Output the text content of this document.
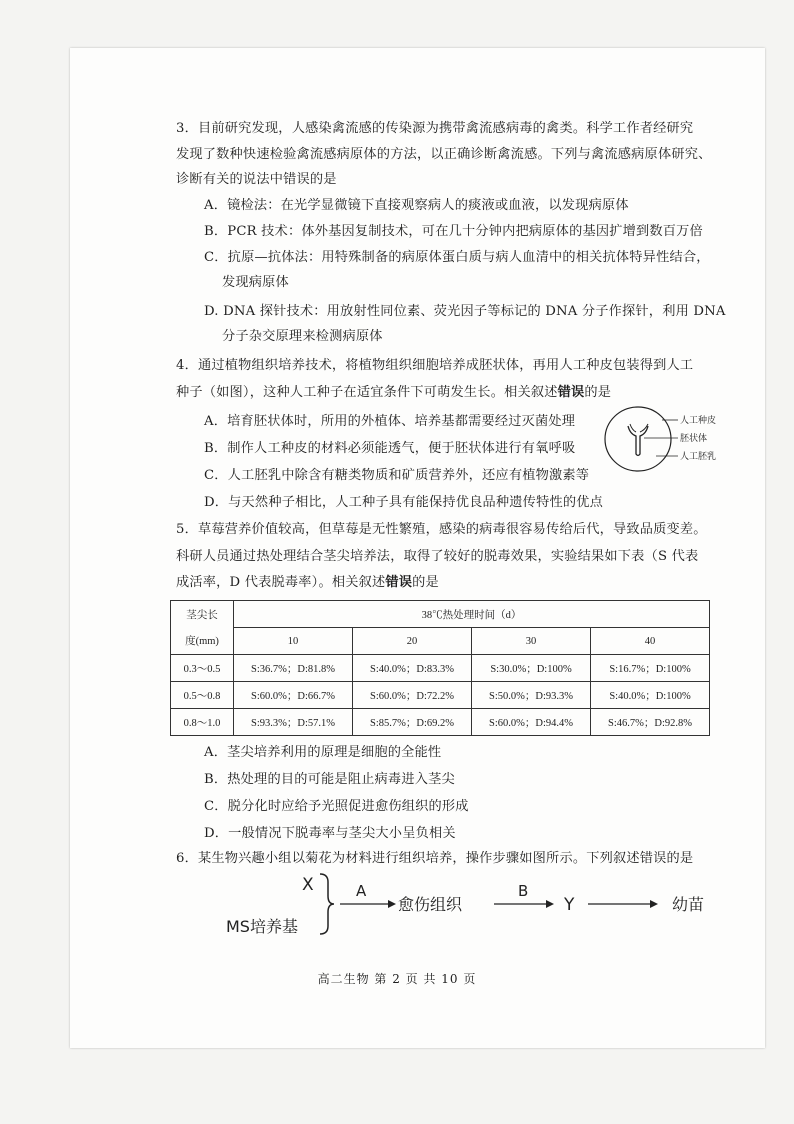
3．目前研究发现，人感染禽流感的传染源为携带禽流感病毒的禽类。科学工作者经研究
发现了数种快速检验禽流感病原体的方法，以正确诊断禽流感。下列与禽流感病原体研究、
诊断有关的说法中错误的是
A．镜检法：在光学显微镜下直接观察病人的痰液或血液，以发现病原体
B．PCR 技术：体外基因复制技术，可在几十分钟内把病原体的基因扩增到数百万倍
C．抗原—抗体法：用特殊制备的病原体蛋白质与病人血清中的相关抗体特异性结合，
发现病原体
D. DNA 探针技术：用放射性同位素、荧光因子等标记的 DNA 分子作探针，利用 DNA
分子杂交原理来检测病原体
4．通过植物组织培养技术，将植物组织细胞培养成胚状体，再用人工种皮包装得到人工
种子（如图），这种人工种子在适宜条件下可萌发生长。相关叙述错误的是
A．培育胚状体时，所用的外植体、培养基都需要经过灭菌处理
B．制作人工种皮的材料必须能透气，便于胚状体进行有氧呼吸
C．人工胚乳中除含有糖类物质和矿质营养外，还应有植物激素等
D．与天然种子相比，人工种子具有能保持优良品种遗传特性的优点
人工种皮
胚状体
人工胚乳
5．草莓营养价值较高，但草莓是无性繁殖，感染的病毒很容易传给后代，导致品质变差。
科研人员通过热处理结合茎尖培养法，取得了较好的脱毒效果，实验结果如下表（S 代表
成活率，D 代表脱毒率）。相关叙述错误的是
茎尖长	38℃热处理时间（d）			
度(mm)	10	20	30	40
0.3～0.5	S:36.7%；D:81.8%	S:40.0%；D:83.3%	S:30.0%；D:100%	S:16.7%；D:100%
0.5～0.8	S:60.0%；D:66.7%	S:60.0%；D:72.2%	S:50.0%；D:93.3%	S:40.0%；D:100%
0.8～1.0	S:93.3%；D:57.1%	S:85.7%；D:69.2%	S:60.0%；D:94.4%	S:46.7%；D:92.8%
A．茎尖培养利用的原理是细胞的全能性
B．热处理的目的可能是阻止病毒进入茎尖
C．脱分化时应给予光照促进愈伤组织的形成
D．一般情况下脱毒率与茎尖大小呈负相关
6．某生物兴趣小组以菊花为材料进行组织培养，操作步骤如图所示。下列叙述错误的是
X
MS培养基
A
愈伤组织
B
Y	幼苗
高二生物 第 2 页 共 10 页
